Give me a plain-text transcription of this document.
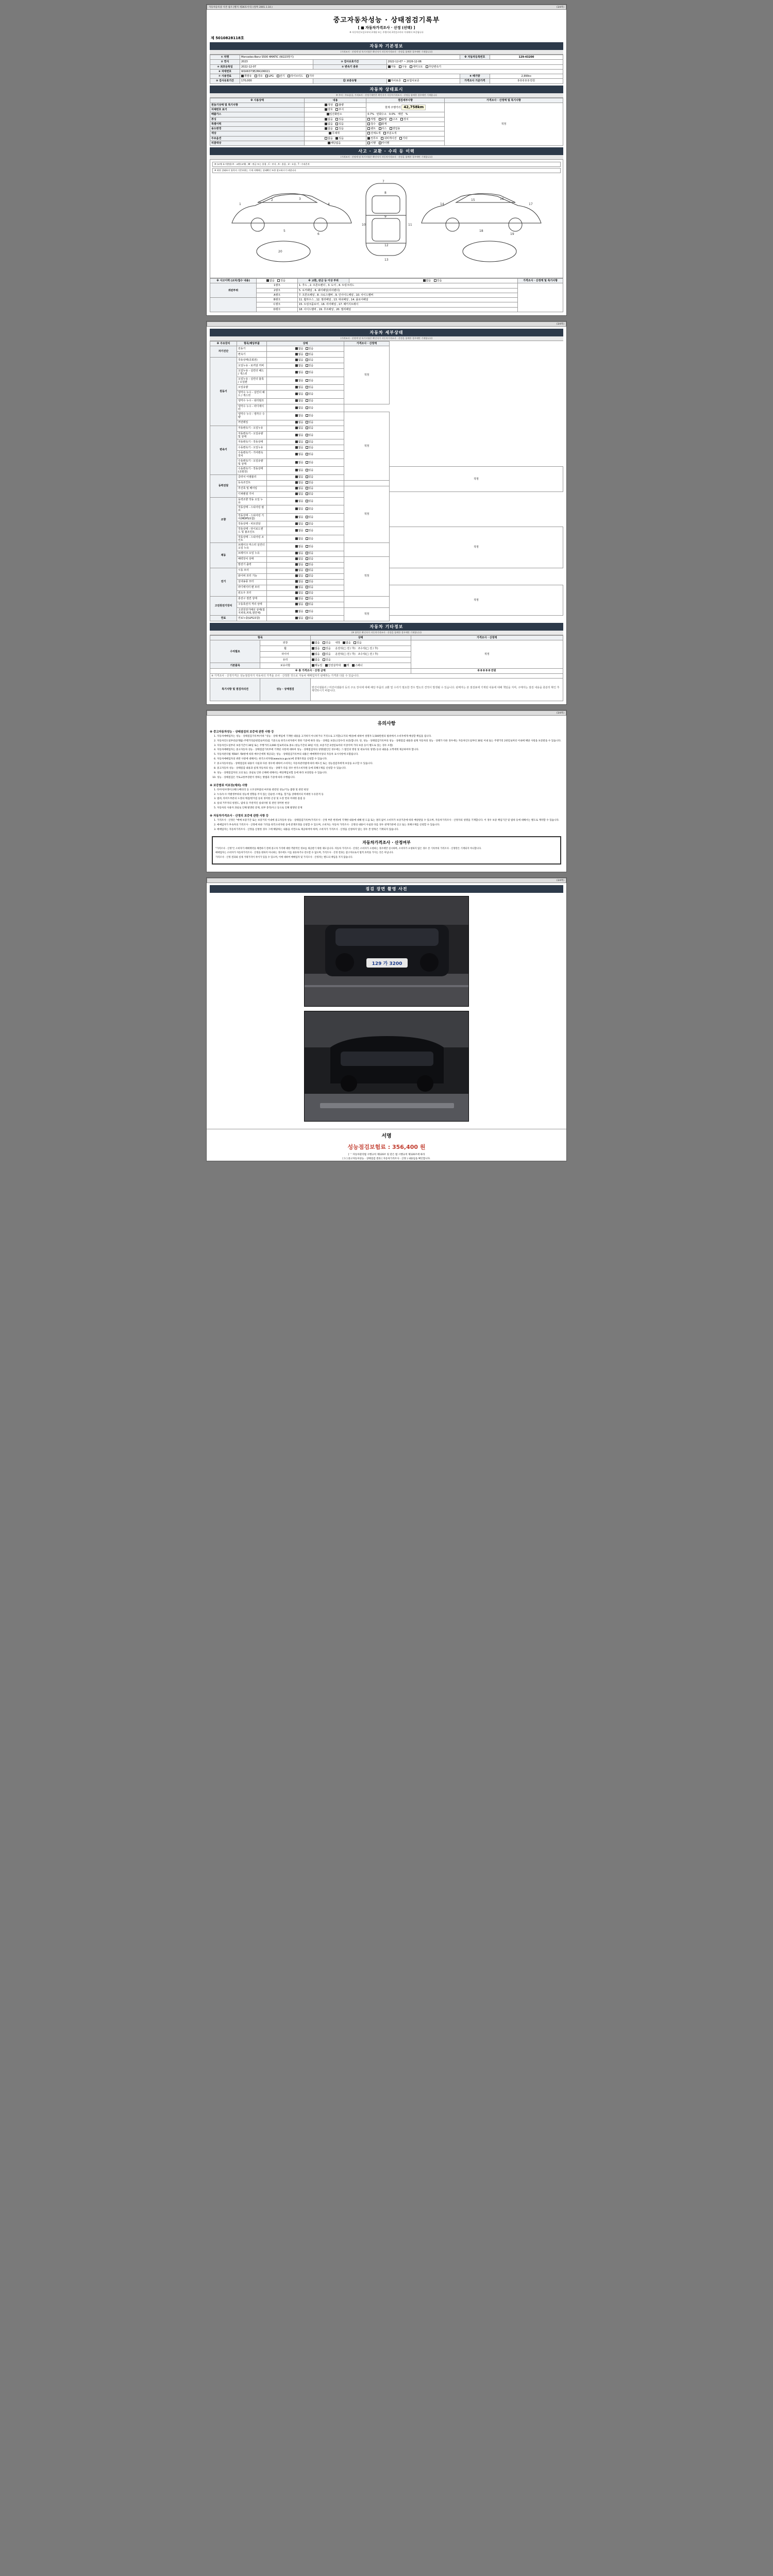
자동차등록증 사본 참조 [별지 제36호서식] (앞쪽 2001.1.10.)	(3/4쪽)
중고자동차성능 · 상태점검기록부
[ ■ 자동차가격조사 · 산정 (선택) ]
※ 자동차인도일로부터 2개월 또는 주행거리 2천킬로미터 이내에서 보증됩니다
제 5010828118호
자동차 기본정보
(가격조사 · 산정액 및 특기사항은 확인자가 자동차가격조사 · 산정을 함께한 경우에만 기재합니다)
① 차명	Mercedes-Benz S500 4MATIC (W223형식)			※ 자동차등록번호	129-43200
② 연식	2023	③ 검사유효기간	2022-12-07 ~ 2026-12-06		
④ 최초등록일	2022-12-07	⑤ 변속기 종류	자동 수동 세미오토 무단변속기		
⑥ 차대번호	W1K6373E2PA106021				
⑦ 사용연료	휘발유 경유 LPG 전기 하이브리드 기타			⑧ 배기량	2,999cc
⑩ 검사유효기간	170,000	⑪ 보증유형	자사보증 보험사보증	가격조사 기준가격	0 0 0 0 0 만원
자동차 상태표시
※ 주의 : 주요품질, 가격조사 · 산정기재란은 확인자가 자동차가격조사 · 산정을 함께한 경우에만 기재합니다
※ 사용상태	내용	점검세부사항	가격조사 · 산정액 및 특기사항
원동기상태 및 특기사항	정상 불량	현재 주행거리 42,758km	적정

자체번호 표기	양호 부식		
배출가스	일산화탄소	0.7%   탄화수소   0.0%   매연   %	
튜닝	없음 있음	적법 불법 구조 장치	
특별이력	없음 있음	침수 화재	
용도변경	없음 있음	렌트 리스 영업용	
색상	무채색	전체도색 부분도색	
주요옵션	없음 있음	썬루프 내비게이션 기타	
리콜대상	해당없음	이행 미이행	
사고 · 교환 · 수리 등 이력
(가격조사 · 산정액 및 특기사항은 확인자가 자동차가격조사 · 산정을 함께한 경우에만 기재합니다)
※ (교체 표시방법) X : 교환(교체) , W : 판금 또는 용접 , C : 부식 , A : 흠집 , U : 요철 , T : 수리흔적
※ 하단 상태표시 항목의 기준부위는 기재 자체에는 상태확인 또한 참고하시기 바랍니다
1
2	3
4
5
6
7
8
9
10	11
12
13
14
15	16
17
18
19
20
※ 사고이력 (교차/접수 내용)	없음 있음	※ 교환, 판금 등 이상 부위	없음 있음	가격조사 · 산정액 및 특기사항
외판부위	1랭크	1. 후드 , 2. 프론트펜더 , 3. 도어 , 4. 트렁크리드		
	2랭크	5. 로커패널 , 6. 쿼터패널(리어펜더)		
	A랭크	7. 프론트패널 , 8. 크로스멤버 , 9. 인사이드패널 , 10. 사이드멤버		
	B랭크	11. 휠하우스 , 12. 필러패널 , 13. 대쉬패널 , 14. 플로어패널		
	C랭크	15. 트렁크플로어 , 16. 리어패널 , 17. 패키지트레이		
	D랭크	18. 사이드멤버 , 19. 루프패널 , 20. 필러패널		
(3/4쪽)
자동차 세부상태
(가격조사 · 산정액 및 특기사항은 확인자가 자동차가격조사 · 산정을 함께한 경우에만 기재합니다)
※ 주요장치	항목/해당부품	상태	가격조사 · 산정액	
자기진단	원동기	없음 있음	적정	
	변속기	없음 있음		
원동기	작동상태(공회전)	없음 있음		
	오일누유 - 로커암 커버	없음 있음		
	오일누유 - 실린더 헤드 / 개스킷	없음 있음		
	오일누유 - 실린더 블록 / 오일팬	없음 있음		
	오일유량	없음 있음		
	냉각수 누수 - 실린더 헤드 / 개스킷	없음 있음		
	냉각수 누수 - 워터펌프	없음 있음		
	냉각수 누수 - 라디에이터	없음 있음		
	냉각수 누수 - 냉각수 수량	없음 있음	적정	
	커먼레일	없음 있음		
변속기	자동변속기 - 오일누유	없음 있음		
	자동변속기 - 오일유량 및 상태	없음 있음		
	자동변속기 - 작동상태	없음 있음		
	수동변속기 - 오일누유	없음 있음		
	수동변속기 - 기어변속장치	없음 있음		
	수동변속기 - 오일유량 및 상태	없음 있음		
	수동변속기 - 작동상태(공회전)	없음 있음		적정
동력전달	클러치 어셈블리	없음 있음		
	등속조인트	없음 있음		
	추진축 및 베어링	없음 있음	적정	
	디퍼렌셜 기어	없음 있음		
조향	동력조향 작동 오일 누유	없음 있음		
	작동상태 - 스티어링 펌프	없음 있음		
	작동상태 - 스티어링 기어(MDPS포함)	없음 있음		
	작동상태 - 피트먼암	없음 있음		
	작동상태 - 타이로드엔드 및 볼조인트	없음 있음		적정
	작동상태 - 스티어링 조인트	없음 있음		
제동	브레이크 마스터 실린더오일 누유	없음 있음		
	브레이크 오일 누유	없음 있음		
	배력장치 상태	없음 있음	적정	
	발전기 출력	없음 있음		
전기	시동 모터	없음 있음		
	와이퍼 모터 기능	없음 있음		
	실내송풍 모터	없음 있음		
	라디에이터 팬 모터	없음 있음		적정
	윈도우 모터	없음 있음		
고전원전기장치	충전구 절연 상태	없음 있음		
	구동축전지 격리 상태	없음 있음		
	고전원전기배선 상태(접지피복,피복,절연체)	없음 있음	적정	
연료	연료누출(LPG포함)	없음 있음		
자동차 기타정보
(※ 항목은 확인자가 자동차가격조사 · 산정을 함께한 경우에만 기재합니다)
항목		상태	가격조사 · 산정액
수리필요	외장	없음 있음   내장   없음 있음	적정
	휠	없음 있음   운전석(□ 전 / 후)   조수석(□ 전 / 후)	
	타이어	없음 있음   운전석(□ 전 / 후)   조수석(□ 전 / 후)	
	유리	없음 있음	
기본품목	보유사항	메뉴얼 안전삼각대 잭 스패너	
※ 총 가격조사 · 산정 금액			0 0 0 0 0 만원
※ 가격조사 · 산정가격은 성능점검자가 자동차의 가격을 조사 · 산정한 것으로 자동차 매매업자가 판매하는 가격과 다를 수 있습니다.			
특기사항 및 점검자의견	성능 · 상태점검	엔진어셈블리 / 미션어셈블리 등의 주요 장치에 대해 해당 부품의 교환 및 수리가 필요한 경우 별도의 견적이 발생될 수 있습니다. 판매자는 본 점검표에 기재된 내용에 대해 책임을 지며, 구매자는 점검 내용을 충분히 확인 후 계약하시기 바랍니다.	
(3/4쪽)
유의사항
※ 중고자동차성능 · 상태점검의 보증에 관한 사항 등
1. 자동차매매업자는 성능 · 상태점검기록부(이하 "성능 · 상태 책임에 기재한 내용을 고지하지 아니하거나 거짓으로 고지할(고지의 배상)에 대하여 성명자 1,500만원의 범위에서 소비자에게 배상할 책임을 집니다.
2. 자동차인도일부터(2개월) 주행거리(2천킬로미터)를 기준으로 한국소비자원이 정한 기준에 따라 성능 · 상태를 보증(고장수리 보증)합니다. 단, 성능 · 상태점검기록부의 성능 · 상태점검 내용과 실제 자동차의 성능 · 상태가 다른 경우에는 자동차인도일부터 30일 이내 또는 주행거리 2천킬로미터 이내에 해당 사항을 보증받을 수 있습니다.
3. 자동차인도일부터 보증기간이 30일 또는 주행거리 2,000 킬로미터로 종료 (성능기간의 30일 이상, 보증기간 2천킬로미터 이상이며 기타 보증 등이 별도로 있는 경우 포함)
4. 자동차매매업자는 중고자동차 성능 · 상태점검기록부에 기재된 사항에 대하여 성능 · 상태점검자의 성명(법인인 경우에는 그 법인의 명칭 및 대표자의 성명) 등의 내용을 고객에게 제공하여야 합니다.
5. 자동차관리법 제58조 제4항에 따라 매수인에게 제공되는 성능 · 상태점검기록부의 내용은 매매계약서상의 자동차 표시사항에 포함됩니다.
6. 자동차매매업자의 위반 사항에 대해서는 한국소비자원(www.kca.go.kr)에 분쟁조정을 신청할 수 있습니다.
7. 중고자동차성능 · 상태점검의 내용이 사실과 다른 경우에 대하여 소비자는 자동차관리법에 따라 매도인 또는 성능점검자에게 보상을 요구할 수 있습니다.
8. 중고자동차 성능 · 상태점검 내용과 실제 자동차의 성능 · 상태가 다를 경우 한국소비자원 등에 피해구제를 신청할 수 있습니다.
9. 성능 · 상태점검자의 고의 또는 과실로 인한 손해에 대해서는 배상책임보험 등에 따라 보상받을 수 있습니다.
10. 성능 · 상태점검은 국토교통부장관이 정하는 방법과 기준에 따라 수행됩니다.
※ 보증범위 미보장(제외) 사항
1. 타이어/브레이크패드/배터리 등 소모성부품의 마모와 관련된 성능/기능 불량 및 관련 현상
2. 누유/누수 미발생부위의 성능에 영향을 주지 않는 단순한 스며듬, 헐거움 상태에서의 미세한 누유흔적 등
3. 범퍼, 라이트부분의 도장의 깨짐/벗겨짐 등의 경미한 손상 및 도장 면의 미세한 흠집 등
4. 실내 거주자의 청결도, 냄새 등 주관적인 실내사항 및 관련 경미한 현상
5. 자동차의 사용자 과실로 인해 발생된 문제, 외부 충격/사고 등으로 인해 발생된 문제
※ 자동차가격조사 · 산정의 보증에 관한 사항 등
1. 가격조사 · 산정은 "매매 보증기간 또는 보증거리 이내에 중고자동차 성능 · 상태점검기록부(가격조사 · 산정 부분 한정)에 기재한 내용에 대해 원 도움 또는 권리 없이 소비자가 보상기준에 따라 배상받을 수 있으며, 자동차가격조사 · 산정자의 성명을 기재합니다. 이 경우 보증 책임기간 및 범위 등에 대해서는 별도로 계약할 수 있습니다.
2. 매매업자가 부속자의 가격조사 · 산정에 따른 가격을 한국소비자원 등에 분쟁조정을 신청할 수 있으며, 소비자는 자동차 가격조사 · 산정의 내용이 사실과 다를 경우 관계기관에 신고 또는 피해구제를 신청할 수 있습니다.
3. 매매업자는 자동차가격조사 · 산정을 신청한 경우 그에 해당하는 내용을 서면으로 제공하여야 하며, 소비자가 가격조사 · 산정을 신청하지 않는 경우 본 항목은 기재되지 않습니다.
자동차가격조사 · 산정여부

"가격조사 · 산정"은 소비자가 매매계약을 체결하기 전에 중고차 가격에 대한 객관적인 정보를 제공받기 위한 제도입니다. 자동차 가격조사 · 산정은 소비자가 요청하는 경우에만 실시하며, 소비자가 요청하지 않은 경우 본 기록부의 가격조사 · 산정란은 기재되지 아니합니다.

매매업자는 소비자가 자동차가격조사 · 산정을 원하지 아니하는 경우에도 이를 권유하거나 강요할 수 없으며, 가격조사 · 산정 결과는 참고자료로서 법적 효력을 가지는 것은 아닙니다.

가격조사 · 산정 결과와 실제 거래가격이 차이가 있을 수 있으며, 이에 대하여 매매업자 및 가격조사 · 산정자는 별도의 책임을 지지 않습니다.

(3/4쪽)
점검 장면 촬영 사진
129 가 3200
서명
성능점검보험료 : 356,400 원
[ ' ' 자동차관리법 시행규칙 제120조 및 같은 법 시행규칙 제120조에 따라
[ 1 ] 중고자동차성능 · 상태점검 결과 [ 자동차가격조사 · 산정 ) 내용임을 확인합니다.
